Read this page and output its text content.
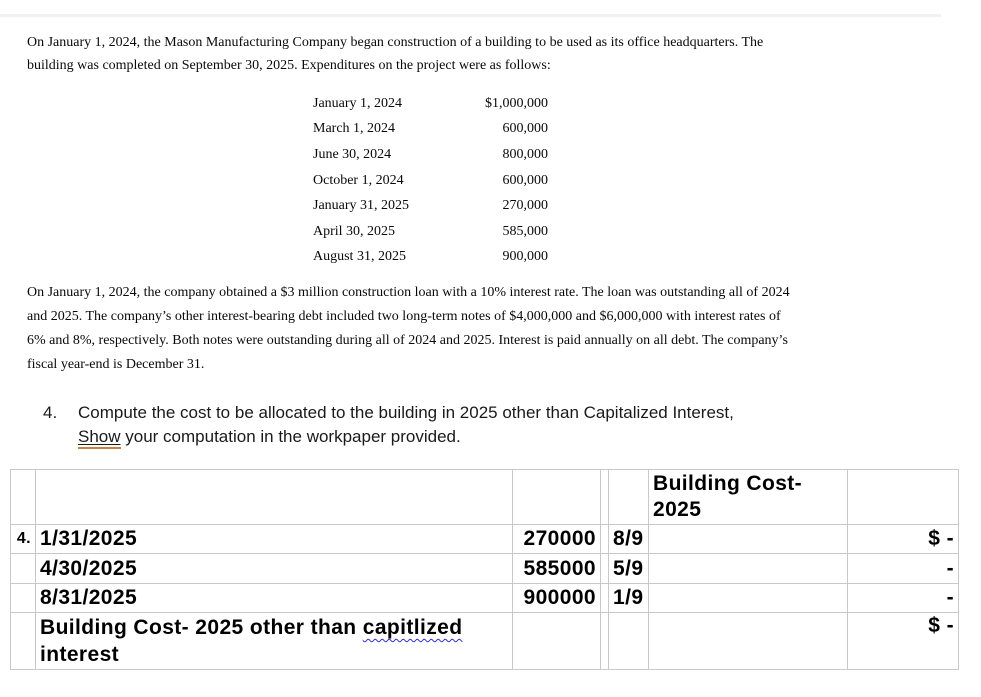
On January 1, 2024, the Mason Manufacturing Company began construction of a building to be used as its office headquarters. The
building was completed on September 30, 2025. Expenditures on the project were as follows:
January 1, 2024	$1,000,000
March 1, 2024	600,000
June 30, 2024	800,000
October 1, 2024	600,000
January 31, 2025	270,000
April 30, 2025	585,000
August 31, 2025	900,000
On January 1, 2024, the company obtained a $3 million construction loan with a 10% interest rate. The loan was outstanding all of 2024
and 2025. The company’s other interest-bearing debt included two long-term notes of $4,000,000 and $6,000,000 with interest rates of
6% and 8%, respectively. Both notes were outstanding during all of 2024 and 2025. Interest is paid annually on all debt. The company’s
fiscal year-end is December 31.
4.	Compute the cost to be allocated to the building in 2025 other than Capitalized Interest,
Show your computation in the workpaper provided.

					Building Cost-2025	

4.	1/31/2025	270000		8/9		$ -
	4/30/2025	585000		5/9		-
	8/31/2025	900000		1/9		-

	Building Cost- 2025 other than capitlized interest					$ -
